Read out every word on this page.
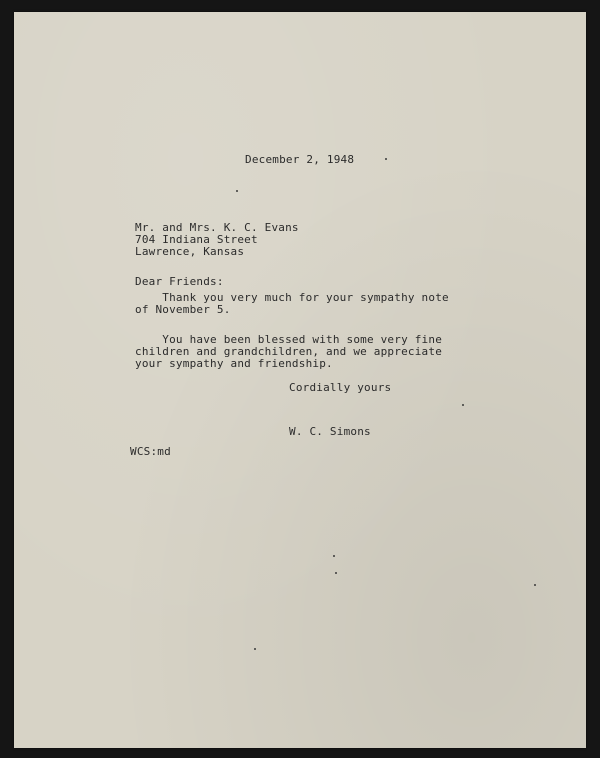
December 2, 1948
Mr. and Mrs. K. C. Evans
704 Indiana Street
Lawrence, Kansas
Dear Friends:
Thank you very much for your sympathy note
of November 5.
You have been blessed with some very fine
children and grandchildren, and we appreciate
your sympathy and friendship.
Cordially yours
W. C. Simons
WCS:md
